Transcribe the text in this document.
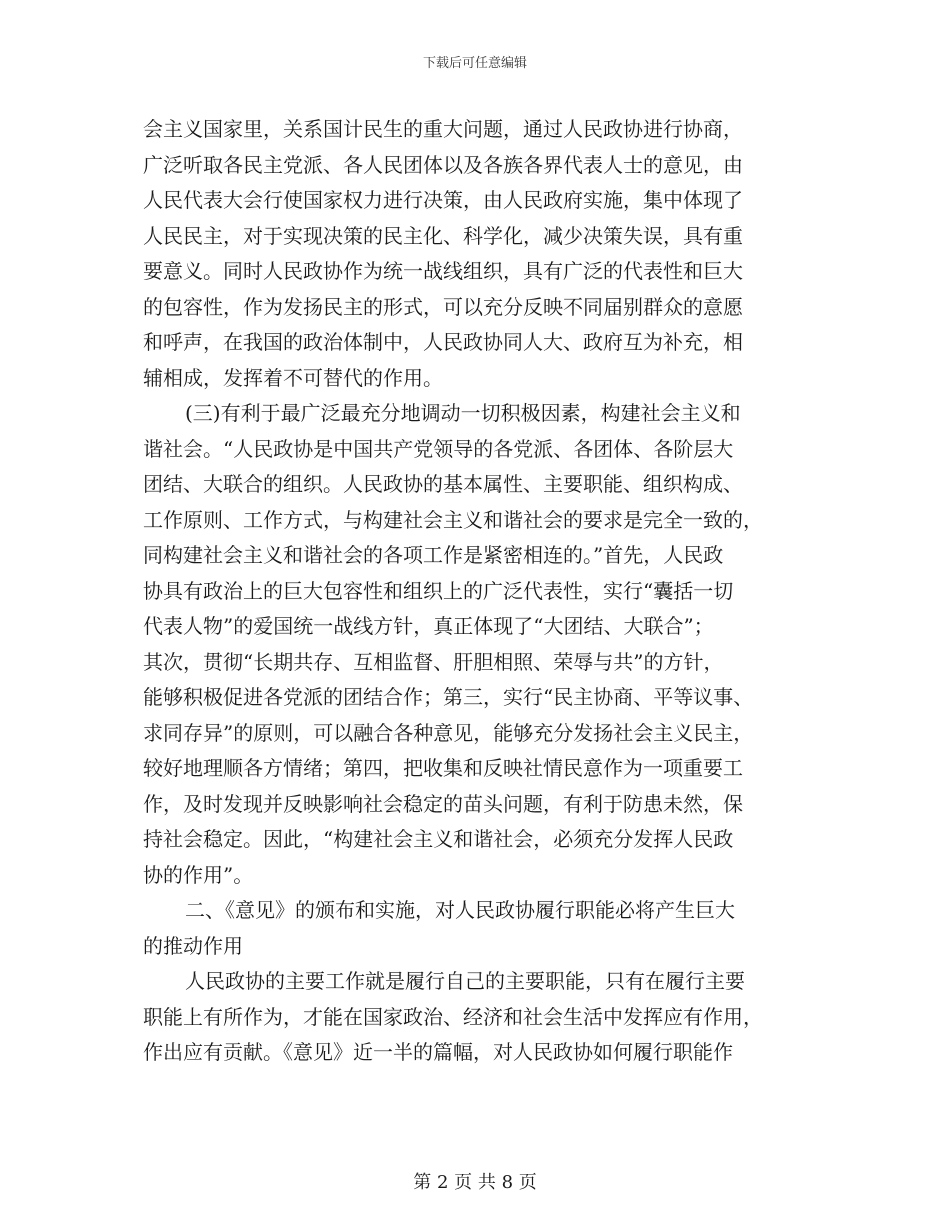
下载后可任意编辑
会主义国家里，关系国计民生的重大问题，通过人民政协进行协商，
广泛听取各民主党派、各人民团体以及各族各界代表人士的意见，由
人民代表大会行使国家权力进行决策，由人民政府实施，集中体现了
人民民主，对于实现决策的民主化、科学化，减少决策失误，具有重
要意义。同时人民政协作为统一战线组织，具有广泛的代表性和巨大
的包容性，作为发扬民主的形式，可以充分反映不同届别群众的意愿
和呼声，在我国的政治体制中，人民政协同人大、政府互为补充，相
辅相成，发挥着不可替代的作用。
(三)有利于最广泛最充分地调动一切积极因素，构建社会主义和
谐社会。“人民政协是中国共产党领导的各党派、各团体、各阶层大
团结、大联合的组织。人民政协的基本属性、主要职能、组织构成、
工作原则、工作方式，与构建社会主义和谐社会的要求是完全一致的，
同构建社会主义和谐社会的各项工作是紧密相连的。”首先，人民政
协具有政治上的巨大包容性和组织上的广泛代表性，实行“囊括一切
代表人物”的爱国统一战线方针，真正体现了“大团结、大联合”；
其次，贯彻“长期共存、互相监督、肝胆相照、荣辱与共”的方针，
能够积极促进各党派的团结合作；第三，实行“民主协商、平等议事、
求同存异”的原则，可以融合各种意见，能够充分发扬社会主义民主，
较好地理顺各方情绪；第四，把收集和反映社情民意作为一项重要工
作，及时发现并反映影响社会稳定的苗头问题，有利于防患未然，保
持社会稳定。因此，“构建社会主义和谐社会，必须充分发挥人民政
协的作用”。
二、《意见》的颁布和实施，对人民政协履行职能必将产生巨大
的推动作用
人民政协的主要工作就是履行自己的主要职能，只有在履行主要
职能上有所作为，才能在国家政治、经济和社会生活中发挥应有作用，
作出应有贡献。《意见》近一半的篇幅，对人民政协如何履行职能作
第 2 页 共 8 页
